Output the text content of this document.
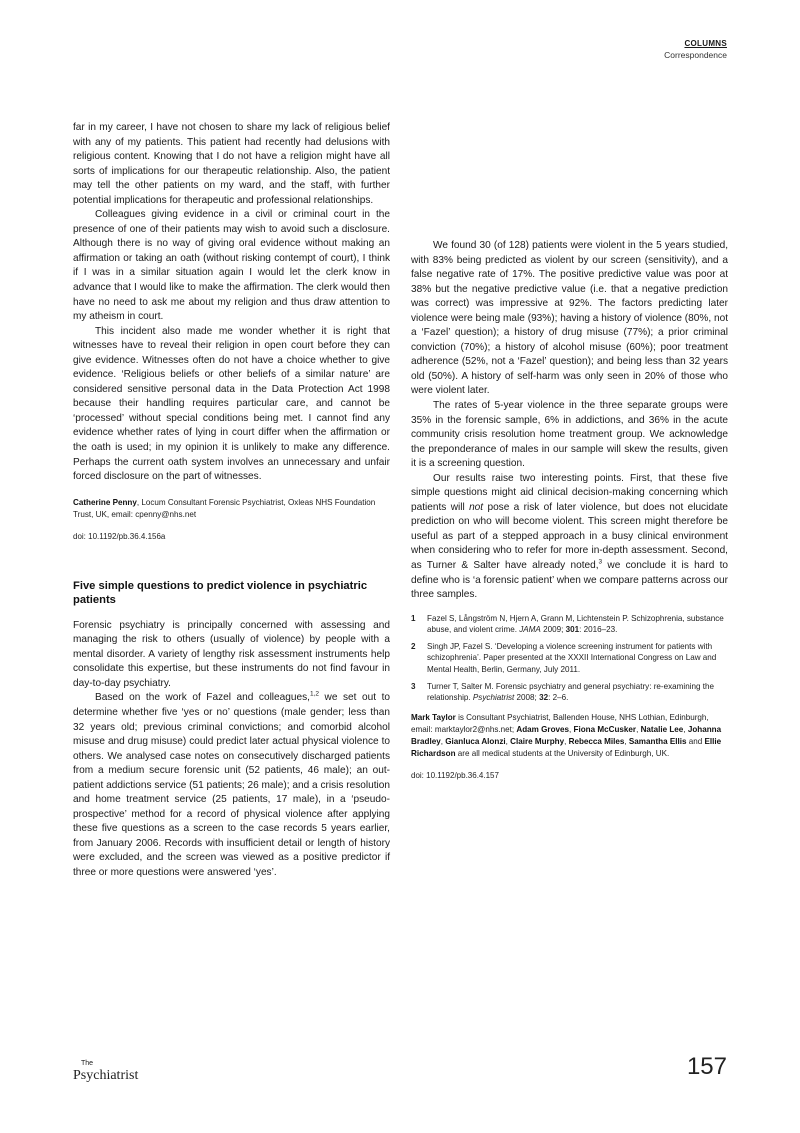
COLUMNS
Correspondence

far in my career, I have not chosen to share my lack of religious belief with any of my patients. This patient had recently had delusions with religious content. Knowing that I do not have a religion might have all sorts of implications for our therapeutic relationship. Also, the patient may tell the other patients on my ward, and the staff, with further potential implications for therapeutic and professional relationships.

Colleagues giving evidence in a civil or criminal court in the presence of one of their patients may wish to avoid such a disclosure. Although there is no way of giving oral evidence without making an affirmation or taking an oath (without risking contempt of court), I think if I was in a similar situation again I would let the clerk know in advance that I would like to make the affirmation. The clerk would then have no need to ask me about my religion and thus draw attention to my atheism in court.

This incident also made me wonder whether it is right that witnesses have to reveal their religion in open court before they can give evidence. Witnesses often do not have a choice whether to give evidence. ‘Religious beliefs or other beliefs of a similar nature’ are considered sensitive personal data in the Data Protection Act 1998 because their handling requires particular care, and cannot be ‘processed’ without special conditions being met. I cannot find any evidence whether rates of lying in court differ when the affirmation or the oath is used; in my opinion it is unlikely to make any difference. Perhaps the current oath system involves an unnecessary and unfair forced disclosure on the part of witnesses.

Catherine Penny, Locum Consultant Forensic Psychiatrist, Oxleas NHS Foundation Trust, UK, email: cpenny@nhs.net

doi: 10.1192/pb.36.4.156a

Five simple questions to predict violence in psychiatric patients

Forensic psychiatry is principally concerned with assessing and managing the risk to others (usually of violence) by people with a mental disorder. A variety of lengthy risk assessment instruments help consolidate this expertise, but these instruments do not find favour in day-to-day psychiatry.

Based on the work of Fazel and colleagues,$^{1,2}$ we set out to determine whether five ‘yes or no’ questions (male gender; less than 32 years old; previous criminal convictions; and comorbid alcohol misuse and drug misuse) could predict later actual physical violence to others. We analysed case notes on consecutively discharged patients from a medium secure forensic unit (52 patients, 46 male); an out-patient addictions service (51 patients; 26 male); and a crisis resolution and home treatment service (25 patients, 17 male), in a ‘pseudo-prospective’ method for a record of physical violence after applying these five questions as a screen to the case records 5 years earlier, from January 2006. Records with insufficient detail or length of history were excluded, and the screen was viewed as a positive predictor if three or more questions were answered ‘yes’.

We found 30 (of 128) patients were violent in the 5 years studied, with 83% being predicted as violent by our screen (sensitivity), and a false negative rate of 17%. The positive predictive value was poor at 38% but the negative predictive value (i.e. that a negative prediction was correct) was impressive at 92%. The factors predicting later violence were being male (93%); having a history of violence (80%, not a ‘Fazel’ question); a history of drug misuse (77%); a prior criminal conviction (70%); a history of alcohol misuse (60%); poor treatment adherence (52%, not a ‘Fazel’ question); and being less than 32 years old (50%). A history of self-harm was only seen in 20% of those who were violent later.

The rates of 5-year violence in the three separate groups were 35% in the forensic sample, 6% in addictions, and 36% in the acute community crisis resolution home treatment group. We acknowledge the preponderance of males in our sample will skew the results, given it is a screening question.

Our results raise two interesting points. First, that these five simple questions might aid clinical decision-making concerning which patients will not pose a risk of later violence, but does not elucidate prediction on who will become violent. This screen might therefore be useful as part of a stepped approach in a busy clinical environment when considering who to refer for more in-depth assessment. Second, as Turner & Salter have already noted,$^3$ we conclude it is hard to define who is ‘a forensic patient’ when we compare patterns across our three samples.

1 Fazel S, Långström N, Hjern A, Grann M, Lichtenstein P. Schizophrenia, substance abuse, and violent crime. JAMA 2009; 301: 2016–23.
2 Singh JP, Fazel S. ‘Developing a violence screening instrument for patients with schizophrenia’. Paper presented at the XXXII International Congress on Law and Mental Health, Berlin, Germany, July 2011.
3 Turner T, Salter M. Forensic psychiatry and general psychiatry: re-examining the relationship. Psychiatrist 2008; 32: 2–6.

Mark Taylor is Consultant Psychiatrist, Ballenden House, NHS Lothian, Edinburgh, email: marktaylor2@nhs.net; Adam Groves, Fiona McCusker, Natalie Lee, Johanna Bradley, Gianluca Alonzi, Claire Murphy, Rebecca Miles, Samantha Ellis and Ellie Richardson are all medical students at the University of Edinburgh, UK.

doi: 10.1192/pb.36.4.157

The
Psychiatrist	157
